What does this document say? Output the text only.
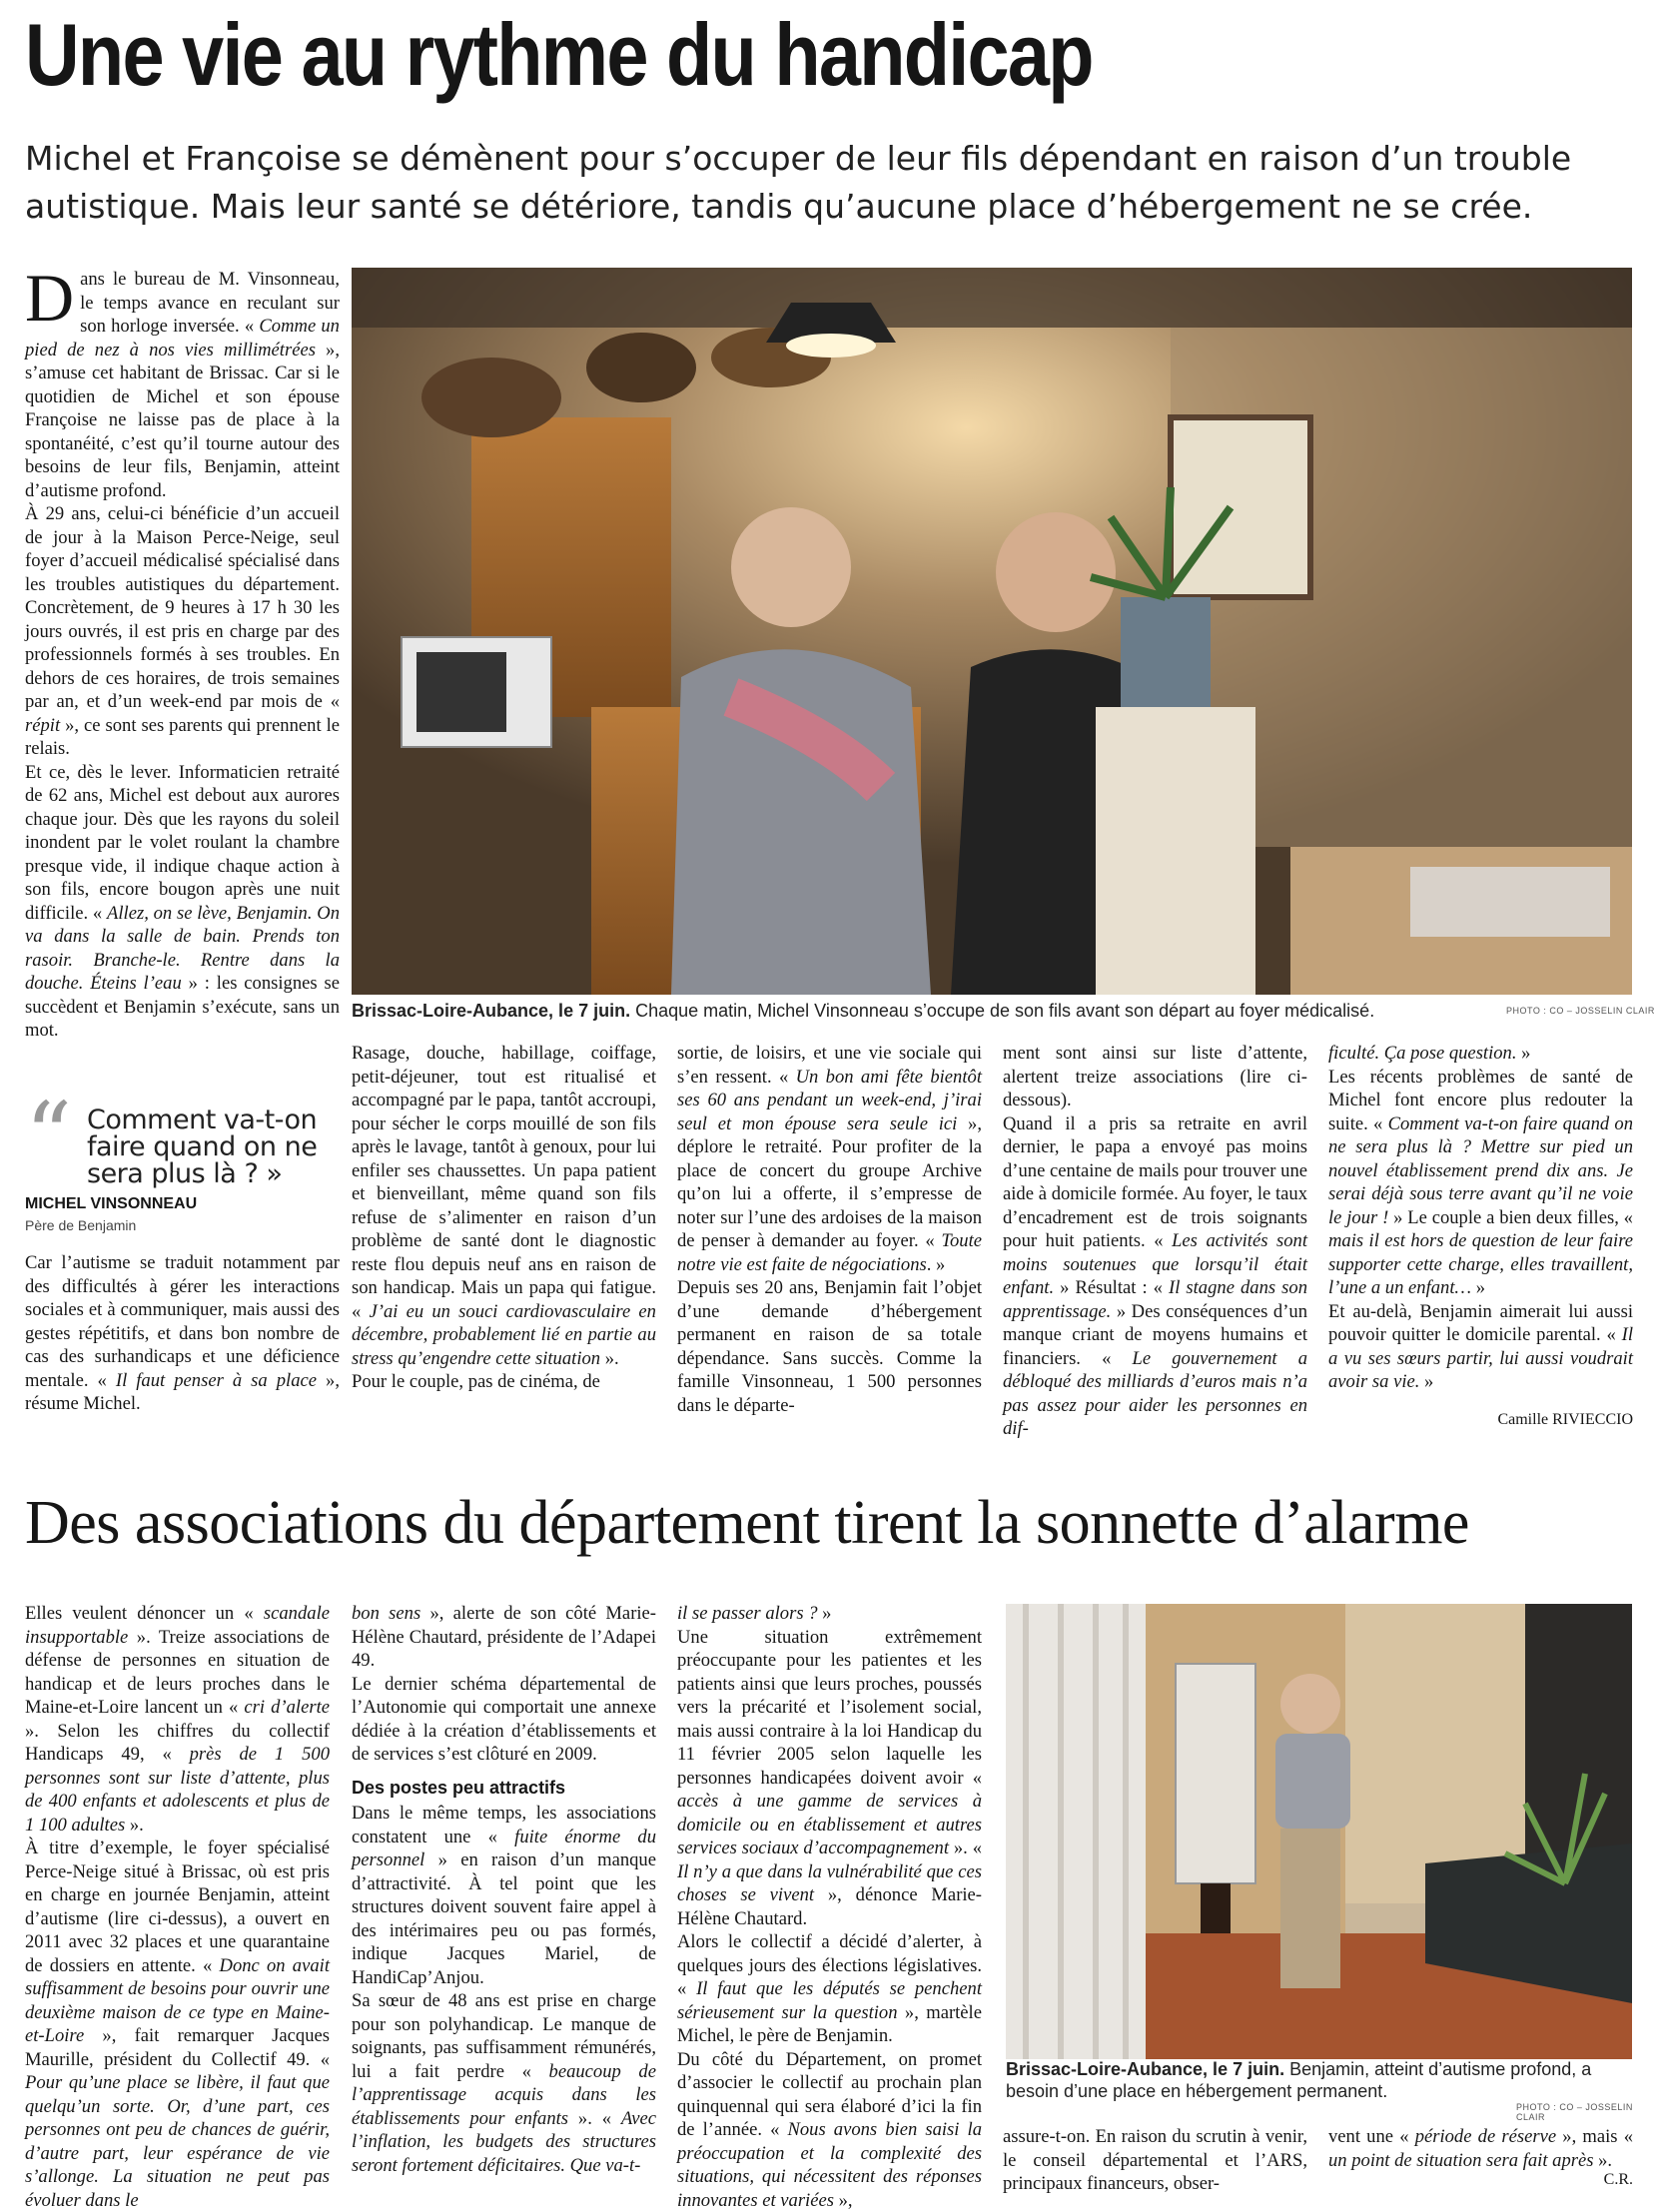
Une vie au rythme du handicap
Michel et Françoise se démènent pour s’occuper de leur fils dépendant en raison d’un trouble autistique. Mais leur santé se détériore, tandis qu’aucune place d’hébergement ne se crée.
D ans le bureau de M. Vinsonneau, le temps avance en reculant sur son horloge inversée. « Comme un pied de nez à nos vies millimétrées », s’amuse cet habitant de Brissac. Car si le quotidien de Michel et son épouse Françoise ne laisse pas de place à la spontanéité, c’est qu’il tourne autour des besoins de leur fils, Benjamin, atteint d’autisme profond.
À 29 ans, celui-ci bénéficie d’un accueil de jour à la Maison Perce-Neige, seul foyer d’accueil médicalisé spécialisé dans les troubles autistiques du département. Concrètement, de 9 heures à 17 h 30 les jours ouvrés, il est pris en charge par des professionnels formés à ses troubles. En dehors de ces horaires, de trois semaines par an, et d’un week-end par mois de « répit », ce sont ses parents qui prennent le relais.
Et ce, dès le lever. Informaticien retraité de 62 ans, Michel est debout aux aurores chaque jour. Dès que les rayons du soleil inondent par le volet roulant la chambre presque vide, il indique chaque action à son fils, encore bougon après une nuit difficile. « Allez, on se lève, Benjamin. On va dans la salle de bain. Prends ton rasoir. Branche-le. Rentre dans la douche. Éteins l’eau » : les consignes se succèdent et Benjamin s’exécute, sans un mot.
“ Comment va-t-on faire quand on ne sera plus là ? »
MICHEL VINSONNEAU
Père de Benjamin
Car l’autisme se traduit notamment par des difficultés à gérer les interactions sociales et à communiquer, mais aussi des gestes répétitifs, et dans bon nombre de cas des surhandicaps et une déficience mentale. « Il faut penser à sa place », résume Michel.
Brissac-Loire-Aubance, le 7 juin. Chaque matin, Michel Vinsonneau s’occupe de son fils avant son départ au foyer médicalisé.	PHOTO : CO – JOSSELIN CLAIR
Rasage, douche, habillage, coiffage, petit-déjeuner, tout est ritualisé et accompagné par le papa, tantôt accroupi, pour sécher le corps mouillé de son fils après le lavage, tantôt à genoux, pour lui enfiler ses chaussettes. Un papa patient et bienveillant, même quand son fils refuse de s’alimenter en raison d’un problème de santé dont le diagnostic reste flou depuis neuf ans en raison de son handicap. Mais un papa qui fatigue. « J’ai eu un souci cardiovasculaire en décembre, probablement lié en partie au stress qu’engendre cette situation ».
Pour le couple, pas de cinéma, de
sortie, de loisirs, et une vie sociale qui s’en ressent. « Un bon ami fête bientôt ses 60 ans pendant un week-end, j’irai seul et mon épouse sera seule ici », déplore le retraité. Pour profiter de la place de concert du groupe Archive qu’on lui a offerte, il s’empresse de noter sur l’une des ardoises de la maison de penser à demander au foyer. « Toute notre vie est faite de négociations. »
Depuis ses 20 ans, Benjamin fait l’objet d’une demande d’hébergement permanent en raison de sa totale dépendance. Sans succès. Comme la famille Vinsonneau, 1 500 personnes dans le départe-
ment sont ainsi sur liste d’attente, alertent treize associations (lire ci-dessous).
Quand il a pris sa retraite en avril dernier, le papa a envoyé pas moins d’une centaine de mails pour trouver une aide à domicile formée. Au foyer, le taux d’encadrement est de trois soignants pour huit patients. « Les activités sont moins soutenues que lorsqu’il était enfant. » Résultat : « Il stagne dans son apprentissage. » Des conséquences d’un manque criant de moyens humains et financiers. « Le gouvernement a débloqué des milliards d’euros mais n’a pas assez pour aider les personnes en dif-
ficulté. Ça pose question. »
Les récents problèmes de santé de Michel font encore plus redouter la suite. « Comment va-t-on faire quand on ne sera plus là ? Mettre sur pied un nouvel établissement prend dix ans. Je serai déjà sous terre avant qu’il ne voie le jour ! » Le couple a bien deux filles, « mais il est hors de question de leur faire supporter cette charge, elles travaillent, l’une a un enfant… »
Et au-delà, Benjamin aimerait lui aussi pouvoir quitter le domicile parental. « Il a vu ses sœurs partir, lui aussi voudrait avoir sa vie. »
Camille RIVIECCIO
Des associations du département tirent la sonnette d’alarme
Elles veulent dénoncer un « scandale insupportable ». Treize associations de défense de personnes en situation de handicap et de leurs proches dans le Maine-et-Loire lancent un « cri d’alerte ». Selon les chiffres du collectif Handicaps 49, « près de 1 500 personnes sont sur liste d’attente, plus de 400 enfants et adolescents et plus de 1 100 adultes ».
À titre d’exemple, le foyer spécialisé Perce-Neige situé à Brissac, où est pris en charge en journée Benjamin, atteint d’autisme (lire ci-dessus), a ouvert en 2011 avec 32 places et une quarantaine de dossiers en attente. « Donc on avait suffisamment de besoins pour ouvrir une deuxième maison de ce type en Maine-et-Loire », fait remarquer Jacques Maurille, président du Collectif 49. « Pour qu’une place se libère, il faut que quelqu’un sorte. Or, d’une part, ces personnes ont peu de chances de guérir, d’autre part, leur espérance de vie s’allonge. La situation ne peut pas évoluer dans le
bon sens », alerte de son côté Marie-Hélène Chautard, présidente de l’Adapei 49.
Le dernier schéma départemental de l’Autonomie qui comportait une annexe dédiée à la création d’établissements et de services s’est clôturé en 2009.
Des postes peu attractifs
Dans le même temps, les associations constatent une « fuite énorme du personnel » en raison d’un manque d’attractivité. À tel point que les structures doivent souvent faire appel à des intérimaires peu ou pas formés, indique Jacques Mariel, de HandiCap’Anjou.
Sa sœur de 48 ans est prise en charge pour son polyhandicap. Le manque de soignants, pas suffisamment rémunérés, lui a fait perdre « beaucoup de l’apprentissage acquis dans les établissements pour enfants ». « Avec l’inflation, les budgets des structures seront fortement déficitaires. Que va-t-
il se passer alors ? »
Une situation extrêmement préoccupante pour les patientes et les patients ainsi que leurs proches, poussés vers la précarité et l’isolement social, mais aussi contraire à la loi Handicap du 11 février 2005 selon laquelle les personnes handicapées doivent avoir « accès à une gamme de services à domicile ou en établissement et autres services sociaux d’accompagnement ». « Il n’y a que dans la vulnérabilité que ces choses se vivent », dénonce Marie-Hélène Chautard.
Alors le collectif a décidé d’alerter, à quelques jours des élections législatives. « Il faut que les députés se penchent sérieusement sur la question », martèle Michel, le père de Benjamin.
Du côté du Département, on promet d’associer le collectif au prochain plan quinquennal qui sera élaboré d’ici la fin de l’année. « Nous avons bien saisi la préoccupation et la complexité des situations, qui nécessitent des réponses innovantes et variées »,
Brissac-Loire-Aubance, le 7 juin. Benjamin, atteint d’autisme profond, a besoin d’une place en hébergement permanent.
PHOTO : CO – JOSSELIN CLAIR
assure-t-on. En raison du scrutin à venir, le conseil départemental et l’ARS, principaux financeurs, obser-
vent une « période de réserve », mais « un point de situation sera fait après ».
C.R.
